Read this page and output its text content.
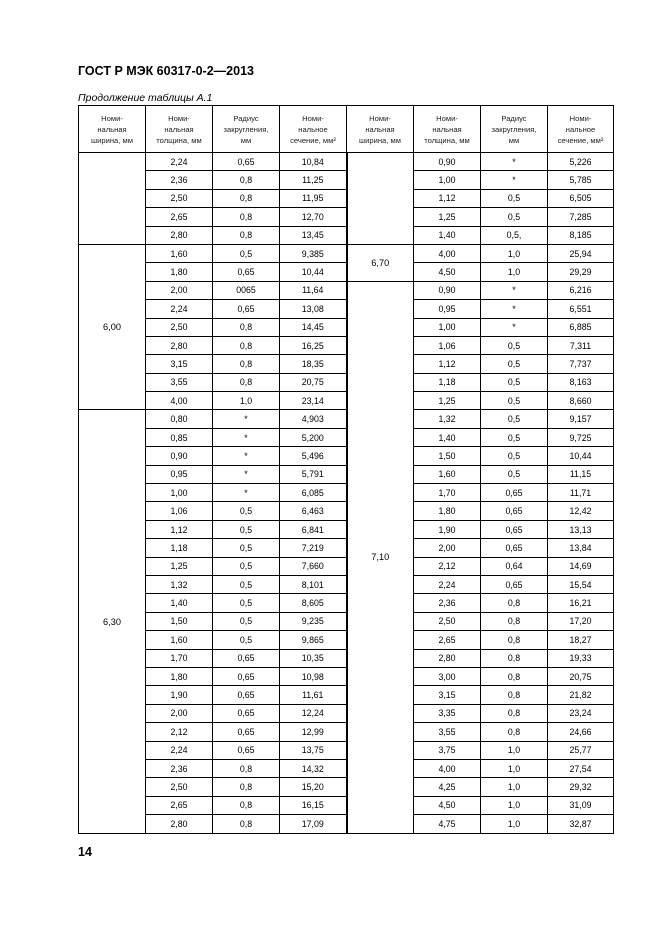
ГОСТ Р МЭК 60317-0-2—2013
Продолжение таблицы А.1
Номи-
нальная
ширина, мм	Номи-
нальная
толщина, мм	Радиус
закругления,
мм	Номи-
нальное
сечение, мм²	Номи-
нальная
ширина, мм	Номи-
нальная
толщина, мм	Радиус
закругления,
мм	Номи-
нальное
сечение, мм²
	2,24	0,65	10,84		0,90	*	5,226
	2,36	0,8	11,25		1,00	*	5,785
	2,50	0,8	11,95		1,12	0,5	6,505
	2,65	0,8	12,70		1,25	0,5	7,285
	2,80	0,8	13,45		1,40	0,5,	8,185
6,00	1,60	0,5	9,385	6,70	4,00	1,0	25,94
	1,80	0,65	10,44		4,50	1,0	29,29
	2,00	0065	11,64	7,10	0,90	*	6,216
	2,24	0,65	13,08		0,95	*	6,551
	2,50	0,8	14,45		1,00	*	6,885
	2,80	0,8	16,25		1,06	0,5	7,311
	3,15	0,8	18,35		1,12	0,5	7,737
	3,55	0,8	20,75		1,18	0,5	8,163
	4,00	1,0	23,14		1,25	0,5	8,660
6,30	0,80	*	4,903		1,32	0,5	9,157
	0,85	*	5,200		1,40	0,5	9,725
	0,90	*	5,496		1,50	0,5	10,44
	0,95	*	5,791		1,60	0,5	11,15
	1,00	*	6,085		1,70	0,65	11,71
	1,06	0,5	6,463		1,80	0,65	12,42
	1,12	0,5	6,841		1,90	0,65	13,13
	1,18	0,5	7,219		2,00	0,65	13,84
	1,25	0,5	7,660		2,12	0,64	14,69
	1,32	0,5	8,101		2,24	0,65	15,54
	1,40	0,5	8,605		2,36	0,8	16,21
	1,50	0,5	9,235		2,50	0,8	17,20
	1,60	0,5	9,865		2,65	0,8	18,27
	1,70	0,65	10,35		2,80	0,8	19,33
	1,80	0,65	10,98		3,00	0,8	20,75
	1,90	0,65	11,61		3,15	0,8	21,82
	2,00	0,65	12,24		3,35	0,8	23,24
	2,12	0,65	12,99		3,55	0,8	24,66
	2,24	0,65	13,75		3,75	1,0	25,77
	2,36	0,8	14,32		4,00	1,0	27,54
	2,50	0,8	15,20		4,25	1,0	29,32
	2,65	0,8	16,15		4,50	1,0	31,09
	2,80	0,8	17,09		4,75	1,0	32,87
14
